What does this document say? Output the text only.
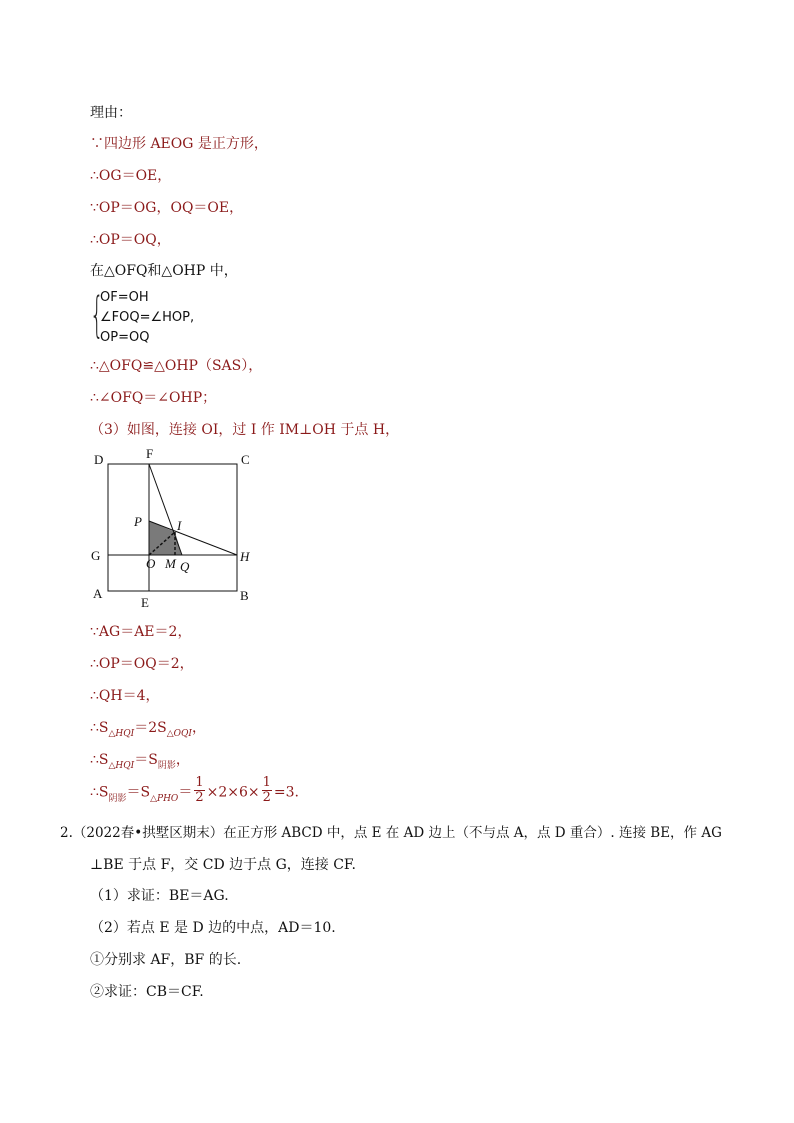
理由：
∵四边形 AEOG 是正方形，
∴OG＝OE，
∵OP＝OG，OQ＝OE，
∴OP＝OQ，
在△OFQ和△OHP 中，
{
OF=OH
∠FOQ=∠HOP,
OP=OQ
∴△OFQ≌△OHP（SAS），
∴∠OFQ＝∠OHP；
（3）如图，连接 OI，过 I 作 IM⊥OH 于点 H，
D	F	C
P	I
G
O M Q
H
A
E	B
∵AG＝AE＝2，
∴OP＝OQ＝2，
∴QH＝4，
$\therefore S_{\triangle HQI}=2S_{\triangle OQI}$，
$\therefore S_{\triangle HQI}=S_{阴影}$，
$\therefore S_{阴影}=S_{\triangle PHO}= \frac{1}{2} \times 2\times 6\times \frac{1}{2} =3$.
2.（2022春•拱墅区期末）在正方形 ABCD 中，点 E 在 AD 边上（不与点 A，点 D 重合）. 连接 BE，作 AG
⊥BE 于点 F，交 CD 边于点 G，连接 CF.
（1）求证：BE＝AG.
（2）若点 E 是 D 边的中点，AD＝10.
①分别求 AF，BF 的长.
②求证：CB＝CF.
